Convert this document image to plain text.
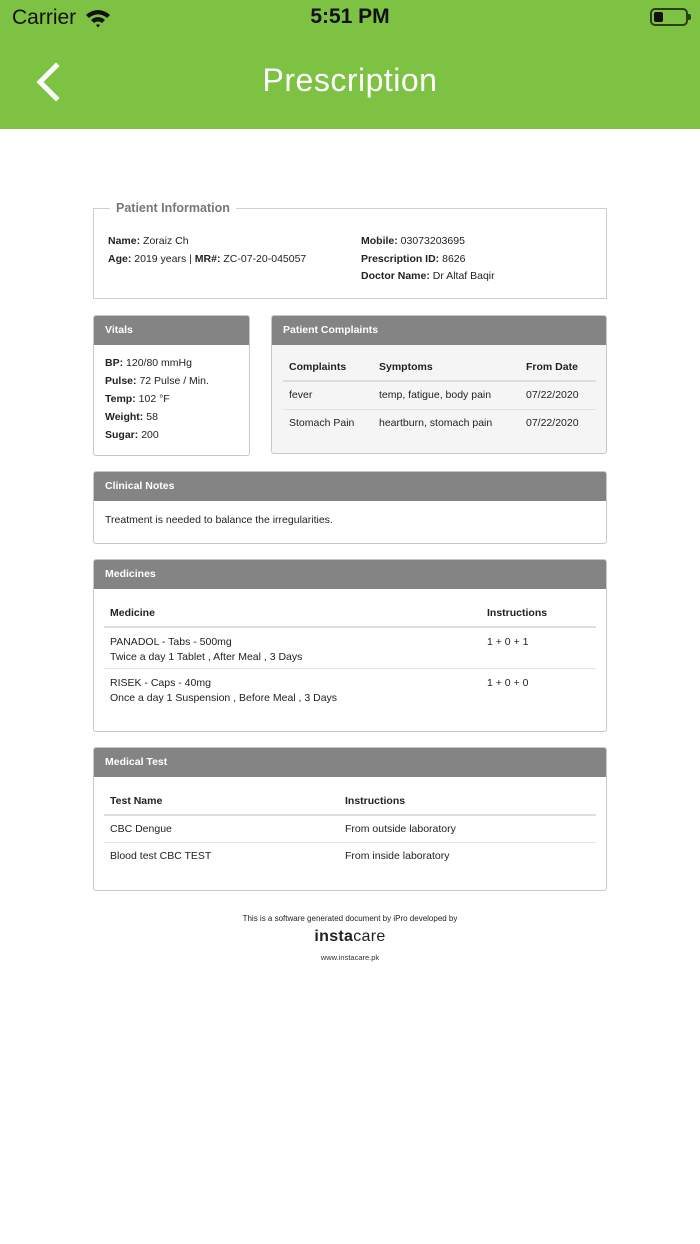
Carrier	5:51 PM
Prescription
Patient Information
Name: Zoraiz Ch
Age: 2019 years | MR#: ZC-07-20-045057
Mobile: 03073203695
Prescription ID: 8626
Doctor Name: Dr Altaf Baqir
Vitals
BP: 120/80 mmHg
Pulse: 72 Pulse / Min.
Temp: 102 °F
Weight: 58
Sugar: 200
Patient Complaints
Complaints	Symptoms	From Date
fever	temp, fatigue, body pain	07/22/2020
Stomach Pain	heartburn, stomach pain	07/22/2020
Clinical Notes
Treatment is needed to balance the irregularities.
Medicines
Medicine	Instructions

PANADOL - Tabs - 500mg
Twice a day 1 Tablet , After Meal , 3 Days	1 + 0 + 1

RISEK - Caps - 40mg
Once a day 1 Suspension , Before Meal , 3 Days	1 + 0 + 0
Medical Test
Test Name	Instructions
CBC Dengue	From outside laboratory
Blood test CBC TEST	From inside laboratory
This is a software generated document by iPro developed by
instacare
www.instacare.pk
